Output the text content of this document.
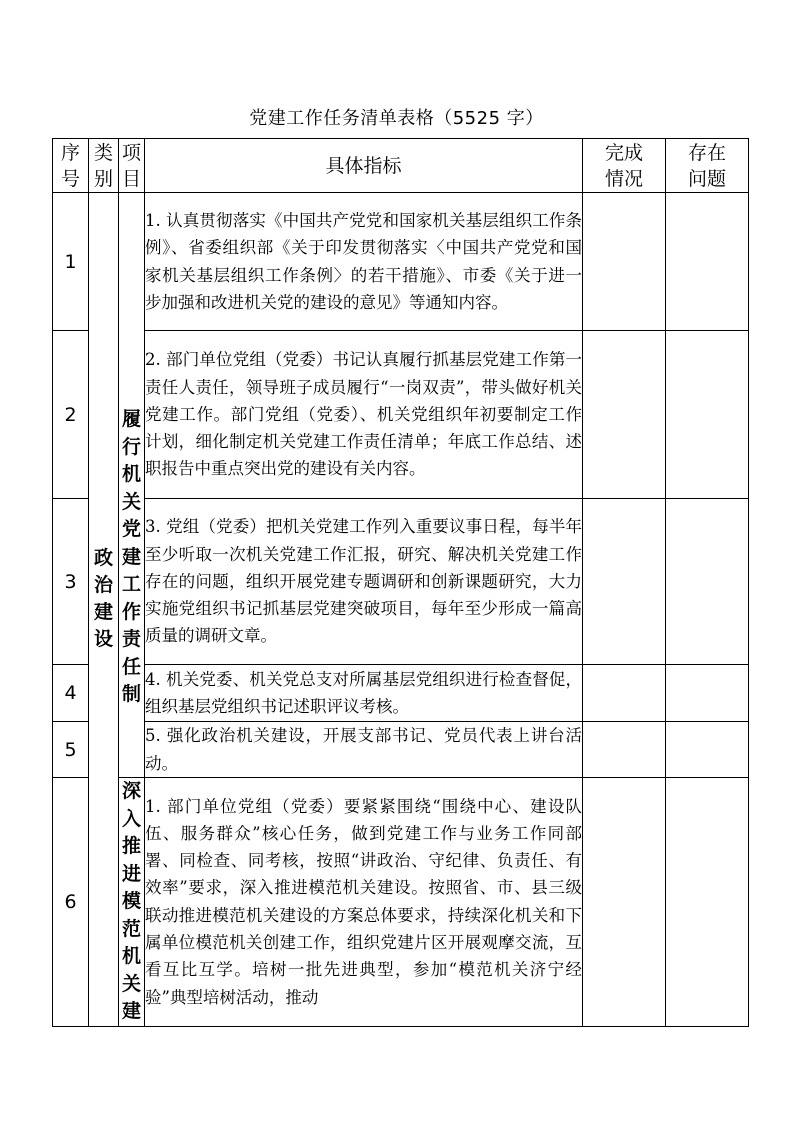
党建工作任务清单表格（5525 字）
序号	类别	项目	具体指标	完成情况	存在问题
1	政治建设	履行机关党建工作责任制	1. 认真贯彻落实《中国共产党党和国家机关基层组织工作条例》、省委组织部《关于印发贯彻落实〈中国共产党党和国家机关基层组织工作条例〉的若干措施》、市委《关于进一步加强和改进机关党的建设的意见》等通知内容。		
2			2. 部门单位党组（党委）书记认真履行抓基层党建工作第一责任人责任，领导班子成员履行“一岗双责”，带头做好机关党建工作。部门党组（党委）、机关党组织年初要制定工作计划，细化制定机关党建工作责任清单；年底工作总结、述职报告中重点突出党的建设有关内容。		
3			3. 党组（党委）把机关党建工作列入重要议事日程，每半年至少听取一次机关党建工作汇报，研究、解决机关党建工作存在的问题，组织开展党建专题调研和创新课题研究，大力实施党组织书记抓基层党建突破项目，每年至少形成一篇高质量的调研文章。		
4			4. 机关党委、机关党总支对所属基层党组织进行检查督促，组织基层党组织书记述职评议考核。		
5			5. 强化政治机关建设，开展支部书记、党员代表上讲台活动。		
6		深入推进模范机关建	1. 部门单位党组（党委）要紧紧围绕“围绕中心、建设队伍、服务群众”核心任务，做到党建工作与业务工作同部署、同检查、同考核，按照“讲政治、守纪律、负责任、有效率”要求，深入推进模范机关建设。按照省、市、县三级联动推进模范机关建设的方案总体要求，持续深化机关和下属单位模范机关创建工作，组织党建片区开展观摩交流，互看互比互学。培树一批先进典型，参加“模范机关济宁经验”典型培树活动，推动		
